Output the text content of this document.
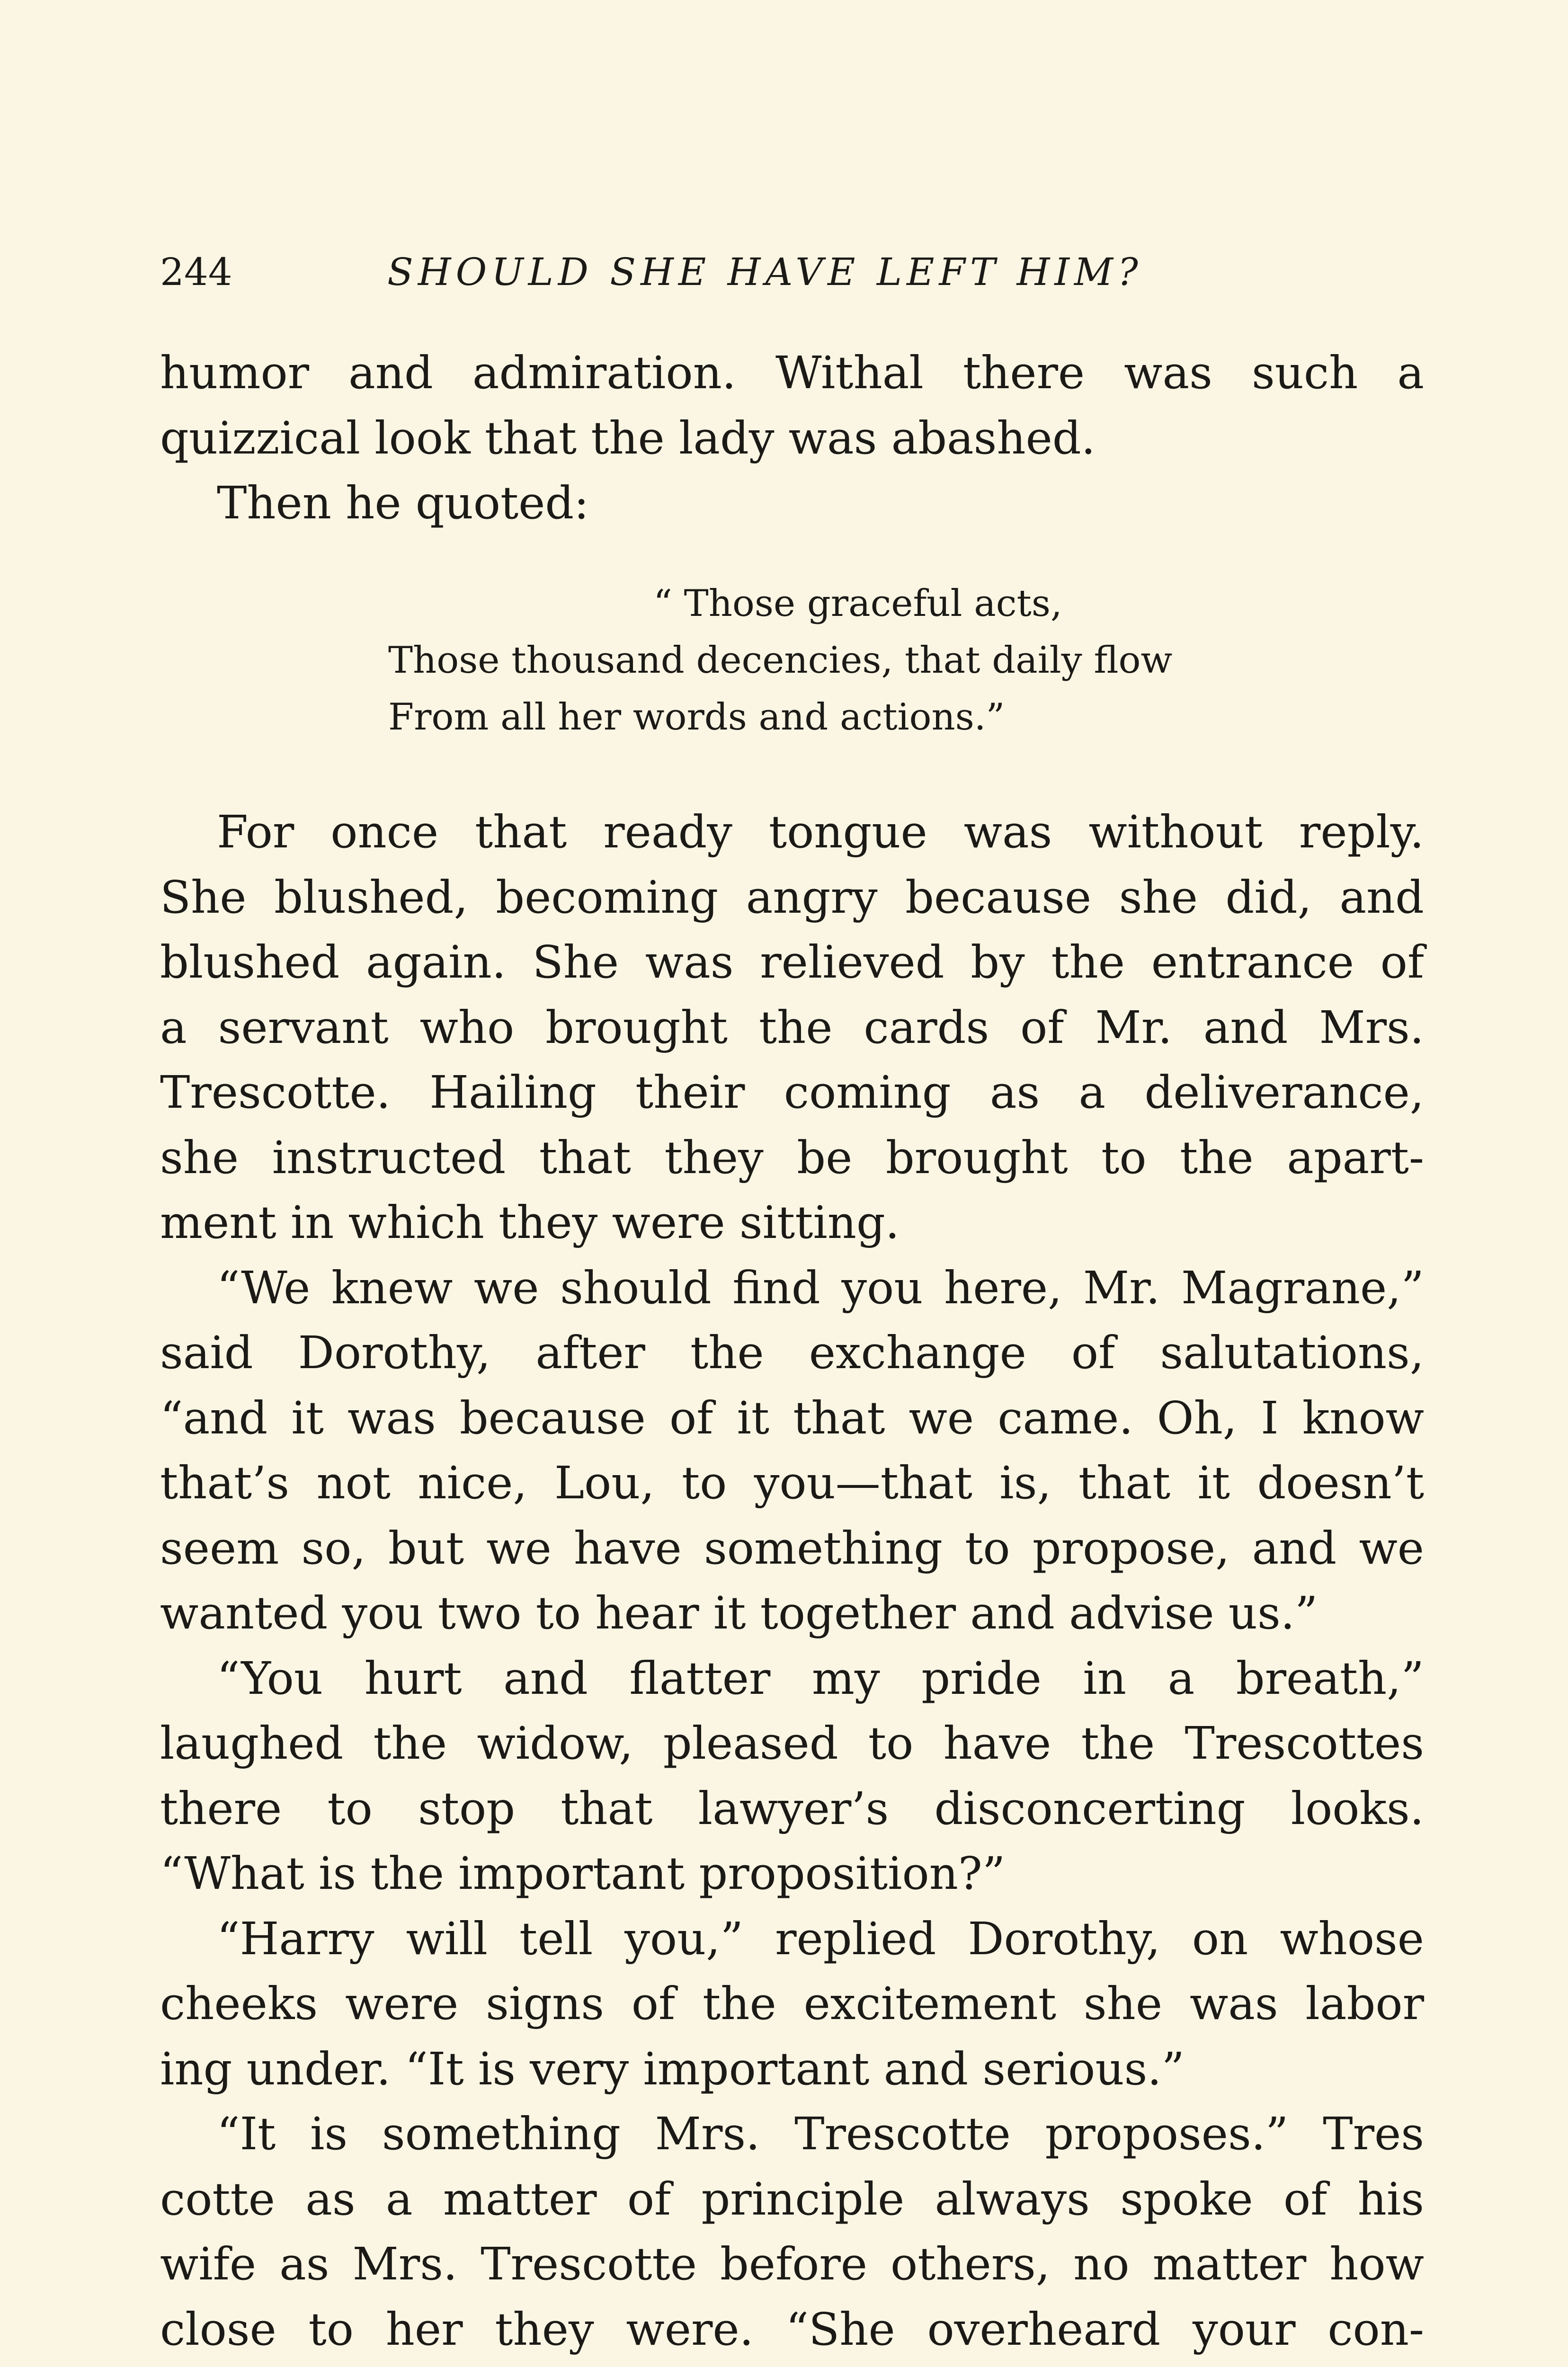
244	SHOULD SHE HAVE LEFT HIM?
humor and admiration. Withal there was such a
quizzical look that the lady was abashed.
Then he quoted:
“ Those graceful acts,
Those thousand decencies, that daily flow
From all her words and actions.”
For once that ready tongue was without reply.
She blushed, becoming angry because she did, and
blushed again. She was relieved by the entrance of
a servant who brought the cards of Mr. and Mrs.
Trescotte. Hailing their coming as a deliverance,
she instructed that they be brought to the apart-
ment in which they were sitting.
“We knew we should find you here, Mr. Magrane,”
said Dorothy, after the exchange of salutations,
“and it was because of it that we came. Oh, I know
that’s not nice, Lou, to you—that is, that it doesn’t
seem so, but we have something to propose, and we
wanted you two to hear it together and advise us.”
“You hurt and flatter my pride in a breath,”
laughed the widow, pleased to have the Trescottes
there to stop that lawyer’s disconcerting looks.
“What is the important proposition?”
“Harry will tell you,” replied Dorothy, on whose
cheeks were signs of the excitement she was labor
ing under. “It is very important and serious.”
“It is something Mrs. Trescotte proposes.” Tres
cotte as a matter of principle always spoke of his
wife as Mrs. Trescotte before others, no matter how
close to her they were. “She overheard your con-
